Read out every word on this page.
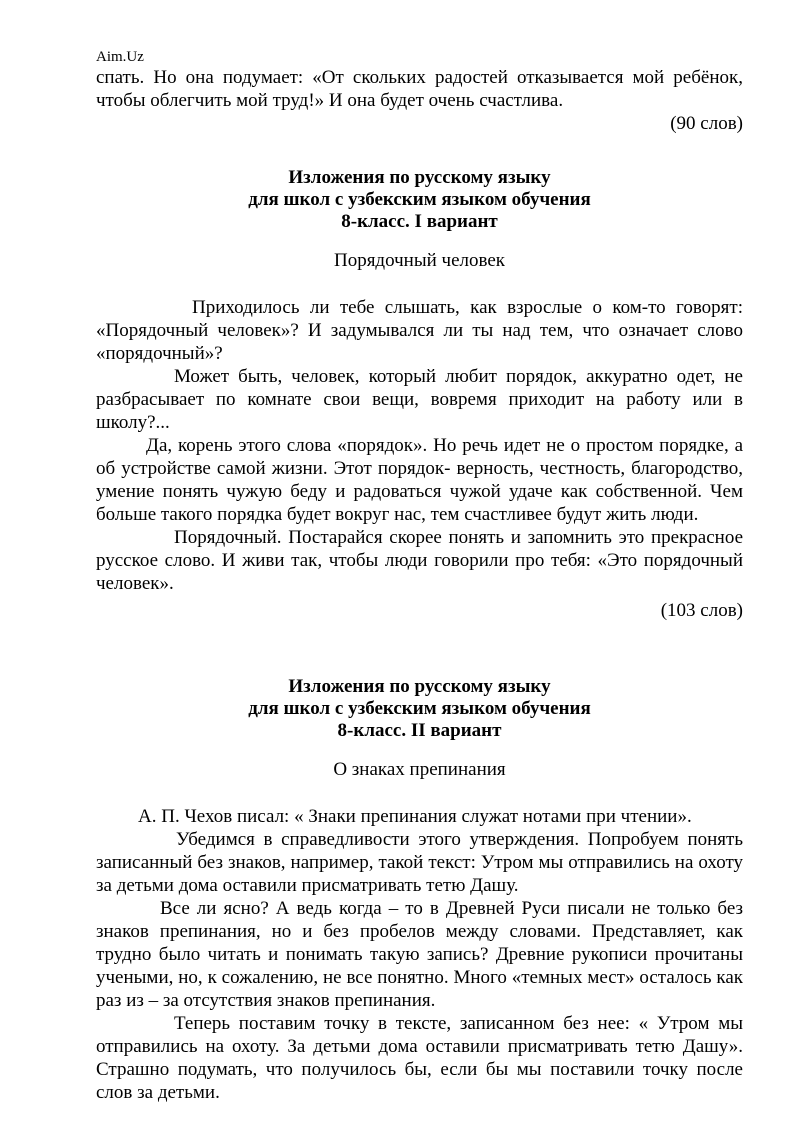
Aim.Uz

спать. Но она подумает: «От скольких радостей отказывается мой ребёнок, чтобы облегчить мой труд!» И она будет очень счастлива.

(90 слов)

Изложения по русскому языку
для школ с узбекским языком обучения
8-класс. I вариант
Порядочный человек

Приходилось ли тебе слышать, как взрослые о ком-то говорят: «Порядочный человек»? И задумывался ли ты над тем, что означает слово «порядочный»?

Может быть, человек, который любит порядок, аккуратно одет, не разбрасывает по комнате свои вещи, вовремя приходит на работу или в школу?...

Да, корень этого слова «порядок». Но речь идет не о простом порядке, а об устройстве самой жизни. Этот порядок- верность, честность, благородство, умение понять чужую беду и радоваться чужой удаче как собственной. Чем больше такого порядка будет вокруг нас, тем счастливее будут жить люди.

Порядочный. Постарайся скорее понять и запомнить это прекрасное русское слово. И живи так, чтобы люди говорили про тебя: «Это порядочный человек».

(103 слов)

Изложения по русскому языку
для школ с узбекским языком обучения
8-класс. II вариант
О знаках препинания

А. П. Чехов писал: « Знаки препинания служат нотами при чтении».

Убедимся в справедливости этого утверждения. Попробуем понять записанный без знаков, например, такой текст: Утром мы отправились на охоту за детьми дома оставили присматривать тетю Дашу.

Все ли ясно? А ведь когда – то в Древней Руси писали не только без знаков препинания, но и без пробелов между словами. Представляет, как трудно было читать и понимать такую запись? Древние рукописи прочитаны учеными, но, к сожалению, не все понятно. Много «темных мест» осталось как раз из – за отсутствия знаков препинания.

Теперь поставим точку в тексте, записанном без нее: « Утром мы отправились на охоту. За детьми дома оставили присматривать тетю Дашу». Страшно подумать, что получилось бы, если бы мы поставили точку после слов за детьми.
